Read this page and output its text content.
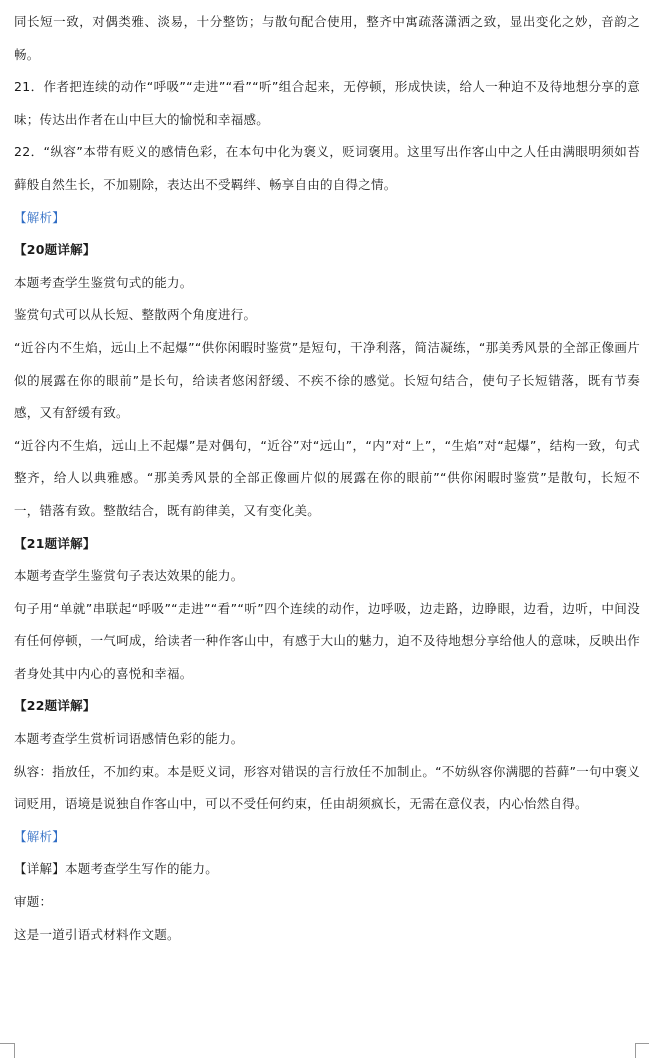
同长短一致，对偶类雅、淡易，十分整饬；与散句配合使用，整齐中寓疏落潇洒之致，显出变化之妙，音韵之畅。

21．作者把连续的动作“呼吸”“走进”“看”“听”组合起来，无停顿，形成快读，给人一种迫不及待地想分享的意味；传达出作者在山中巨大的愉悦和幸福感。

22．“纵容”本带有贬义的感情色彩，在本句中化为褒义，贬词褒用。这里写出作客山中之人任由满眼明须如苔藓般自然生长，不加剔除，表达出不受羁绊、畅享自由的自得之情。

【解析】

【20题详解】

本题考查学生鉴赏句式的能力。

鉴赏句式可以从长短、整散两个角度进行。

“近谷内不生焰，远山上不起爆”“供你闲暇时鉴赏”是短句，干净利落，简洁凝练，“那美秀风景的全部正像画片似的展露在你的眼前”是长句，给读者悠闲舒缓、不疾不徐的感觉。长短句结合，使句子长短错落，既有节奏感，又有舒缓有致。

“近谷内不生焰，远山上不起爆”是对偶句，“近谷”对“远山”，“内”对“上”，“生焰”对“起爆”，结构一致，句式整齐，给人以典雅感。“那美秀风景的全部正像画片似的展露在你的眼前”“供你闲暇时鉴赏”是散句，长短不一，错落有致。整散结合，既有韵律美，又有变化美。

【21题详解】

本题考查学生鉴赏句子表达效果的能力。

句子用“单就”串联起“呼吸”“走进”“看”“听”四个连续的动作，边呼吸，边走路，边睁眼，边看，边听，中间没有任何停顿，一气呵成，给读者一种作客山中，有感于大山的魅力，迫不及待地想分享给他人的意味，反映出作者身处其中内心的喜悦和幸福。

【22题详解】

本题考查学生赏析词语感情色彩的能力。

纵容：指放任，不加约束。本是贬义词，形容对错误的言行放任不加制止。“不妨纵容你满腮的苔藓”一句中褒义词贬用，语境是说独自作客山中，可以不受任何约束，任由胡须疯长，无需在意仪表，内心怡然自得。

【解析】

【详解】本题考查学生写作的能力。

审题：

这是一道引语式材料作文题。
